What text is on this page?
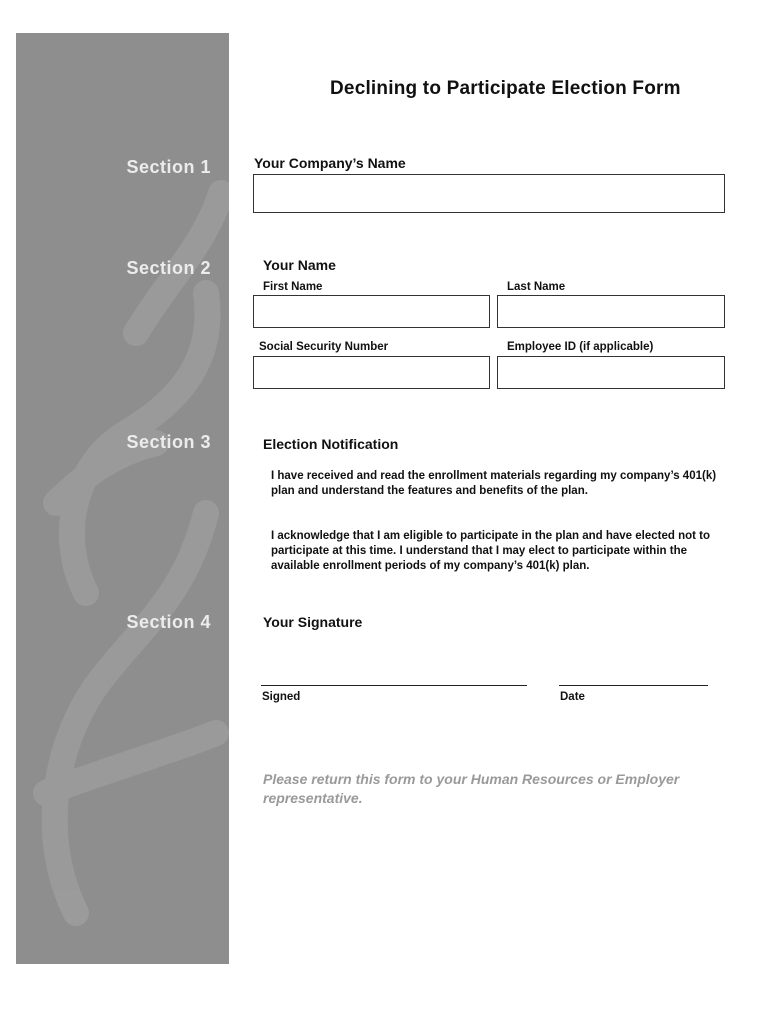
Section 1
Section 2
Section 3
Section 4
Declining to Participate Election Form
Your Company’s Name
Your Name
First Name	Last Name
Social Security Number	Employee ID (if applicable)
Election Notification
I have received and read the enrollment materials regarding my company’s 401(k) plan and understand the features and benefits of the plan.
I acknowledge that I am eligible to participate in the plan and have elected not to participate at this time. I understand that I may elect to participate within the available enrollment periods of my company’s 401(k) plan.
Your Signature
Signed	Date
Please return this form to your Human Resources or Employer representative.
